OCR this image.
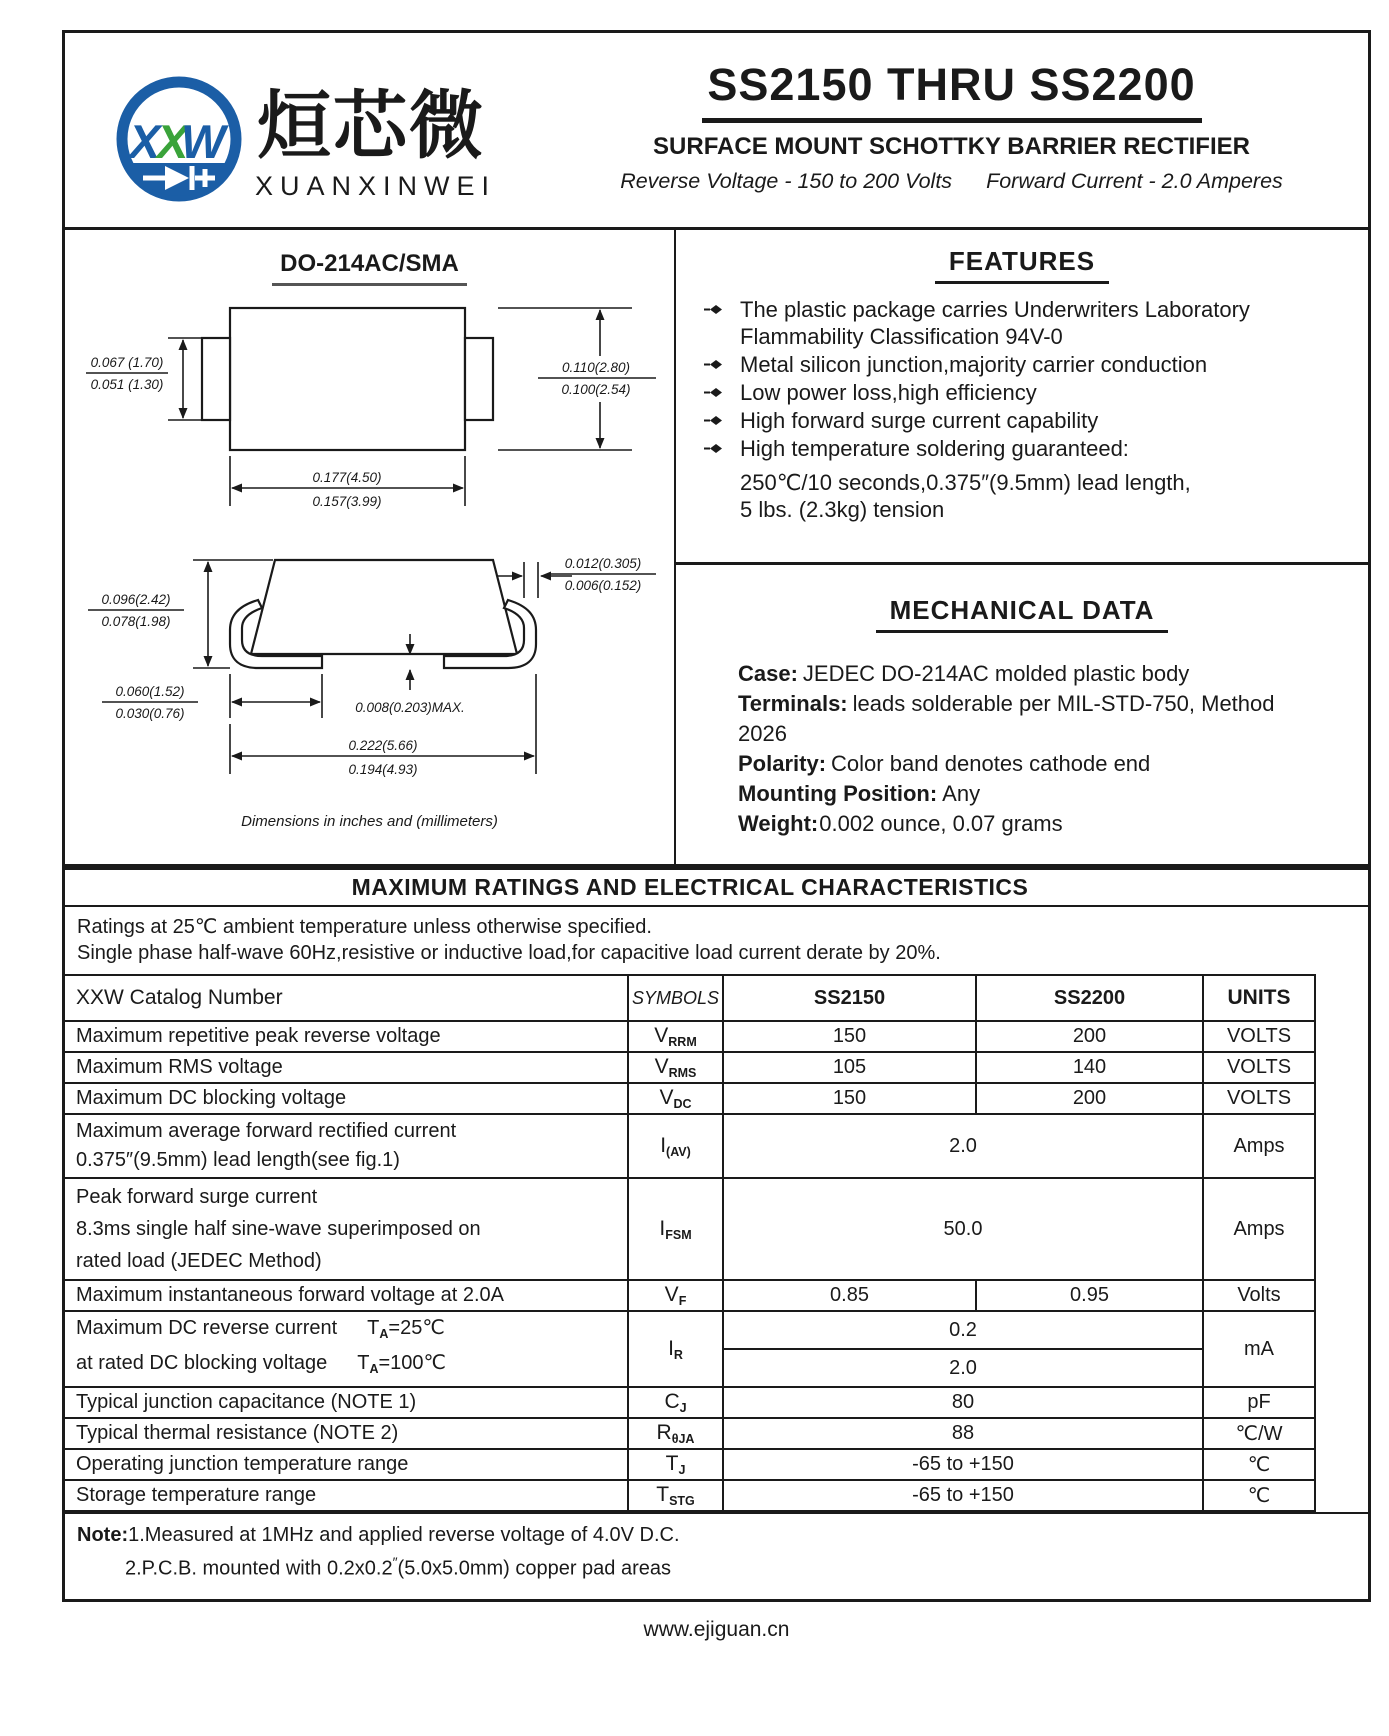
X
X
W 烜芯微
XUANXINWEI
SS2150 THRU SS2200
SURFACE MOUNT SCHOTTKY BARRIER RECTIFIER
Reverse Voltage - 150 to 200 Volts Forward Current - 2.0 Amperes
DO-214AC/SMA
0.067 (1.70)
0.051 (1.30)
0.110(2.80)
0.100(2.54)
0.177(4.50)
0.157(3.99)
0.012(0.305)
0.006(0.152)
0.008(0.203)MAX.
0.096(2.42)
0.078(1.98)
0.060(1.52)
0.030(0.76)
0.222(5.66)
0.194(4.93)
Dimensions in inches and (millimeters)
FEATURES
The plastic package carries Underwriters Laboratory
Flammability Classification 94V-0
Metal silicon junction,majority carrier conduction
Low power loss,high efficiency
High forward surge current capability
High temperature soldering guaranteed:
250℃/10 seconds,0.375″(9.5mm) lead length,
5 lbs. (2.3kg) tension
MECHANICAL DATA
Case: JEDEC DO-214AC molded plastic body
Terminals: leads solderable per MIL-STD-750, Method 2026
Polarity: Color band denotes cathode end
Mounting Position: Any
Weight:0.002 ounce, 0.07 grams
MAXIMUM RATINGS AND ELECTRICAL CHARACTERISTICS
Ratings at 25℃ ambient temperature unless otherwise specified.
Single phase half-wave 60Hz,resistive or inductive load,for capacitive load current derate by 20%.
XXW Catalog Number	SYMBOLS	SS2150	SS2200	UNITS
Maximum repetitive peak reverse voltage	$V_{RRM}$	150	200	VOLTS
Maximum RMS voltage	$V_{RMS}$	105	140	VOLTS
Maximum DC blocking voltage	$V_{DC}$	150	200	VOLTS

Maximum average forward rectified current
0.375″(9.5mm) lead length(see fig.1)	$I_{(AV)}$	2.0		Amps

Peak forward surge current
8.3ms single half sine-wave superimposed on
rated load (JEDEC Method)	$I_{FSM}$	50.0		Amps
Maximum instantaneous forward voltage at 2.0A	$V_F$	0.85	0.95	Volts

Maximum DC reverse current $T_A=25℃$
at rated DC blocking voltage $T_A=100℃$	$I_R$	0.2		mA
		2.0		
Typical junction capacitance (NOTE 1)	$C_J$	80		pF
Typical thermal resistance (NOTE 2)	$R_{\theta JA}$	88		℃/W
Operating junction temperature range	$T_J$	-65 to +150		℃
Storage temperature range	$T_{STG}$	-65 to +150		℃
Note:1.Measured at 1MHz and applied reverse voltage of 4.0V D.C.
2.P.C.B. mounted with 0.2x0.2″(5.0x5.0mm) copper pad areas
www.ejiguan.cn
